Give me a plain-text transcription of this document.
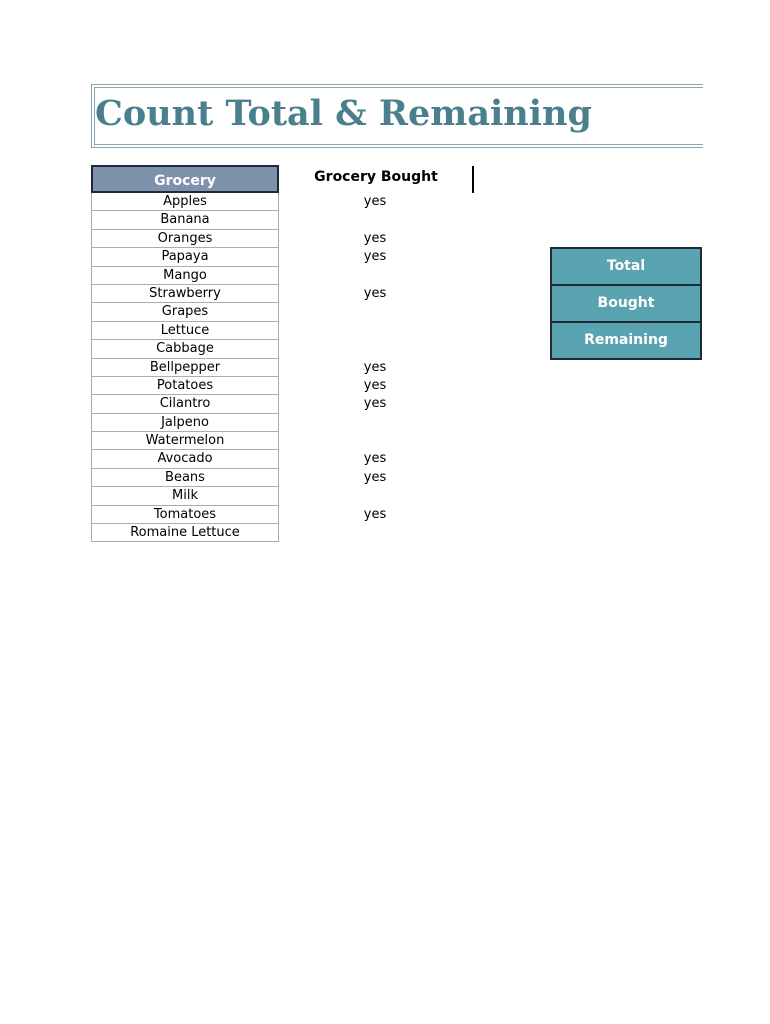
Count Total & Remaining
Grocery
Apples
Banana
Oranges
Papaya
Mango
Strawberry
Grapes
Lettuce
Cabbage
Bellpepper
Potatoes
Cilantro
Jalpeno
Watermelon
Avocado
Beans
Milk
Tomatoes
Romaine Lettuce
Grocery Bought
yes
yes
yes
yes
yes
yes
yes
yes
yes
yes
Total
Bought
Remaining
